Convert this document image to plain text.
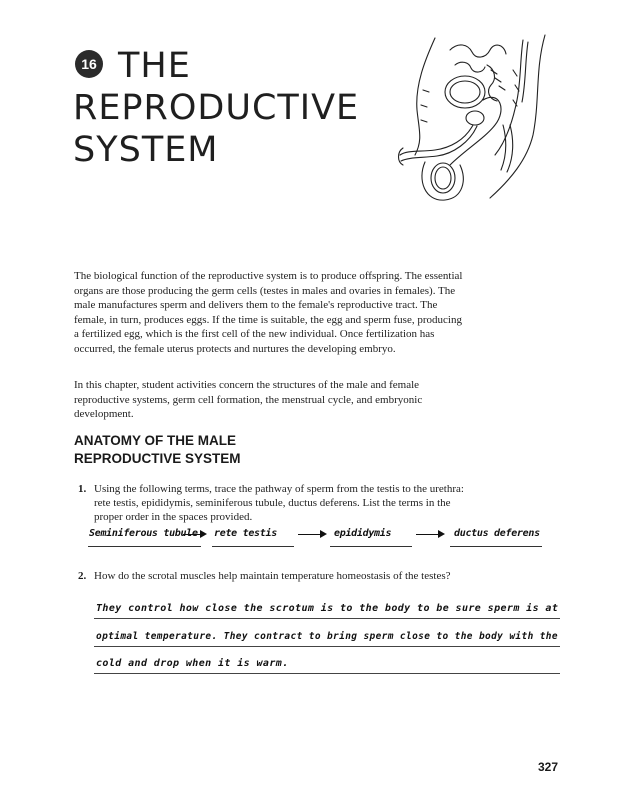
16 THE
REPRODUCTIVE
SYSTEM

The biological function of the reproductive system is to produce offspring. The essential organs are those producing the germ cells (testes in males and ovaries in females). The male manufactures sperm and delivers them to the female's reproductive tract. The female, in turn, produces eggs. If the time is suitable, the egg and sperm fuse, producing a fertilized egg, which is the first cell of the new individual. Once fertilization has occurred, the female uterus protects and nurtures the developing embryo.

In this chapter, student activities concern the structures of the male and female reproductive systems, germ cell formation, the menstrual cycle, and embryonic development.

ANATOMY OF THE MALE
REPRODUCTIVE SYSTEM
1. Using the following terms, trace the pathway of sperm from the testis to the urethra: rete testis, epididymis, seminiferous tubule, ductus deferens. List the terms in the proper order in the spaces provided.
Seminiferous tubule rete testis	epididymis	ductus deferens
2. How do the scrotal muscles help maintain temperature homeostasis of the testes?
They control how close the scrotum is to the body to be sure sperm is at
optimal temperature. They contract to bring sperm close to the body with the
cold and drop when it is warm.
327
